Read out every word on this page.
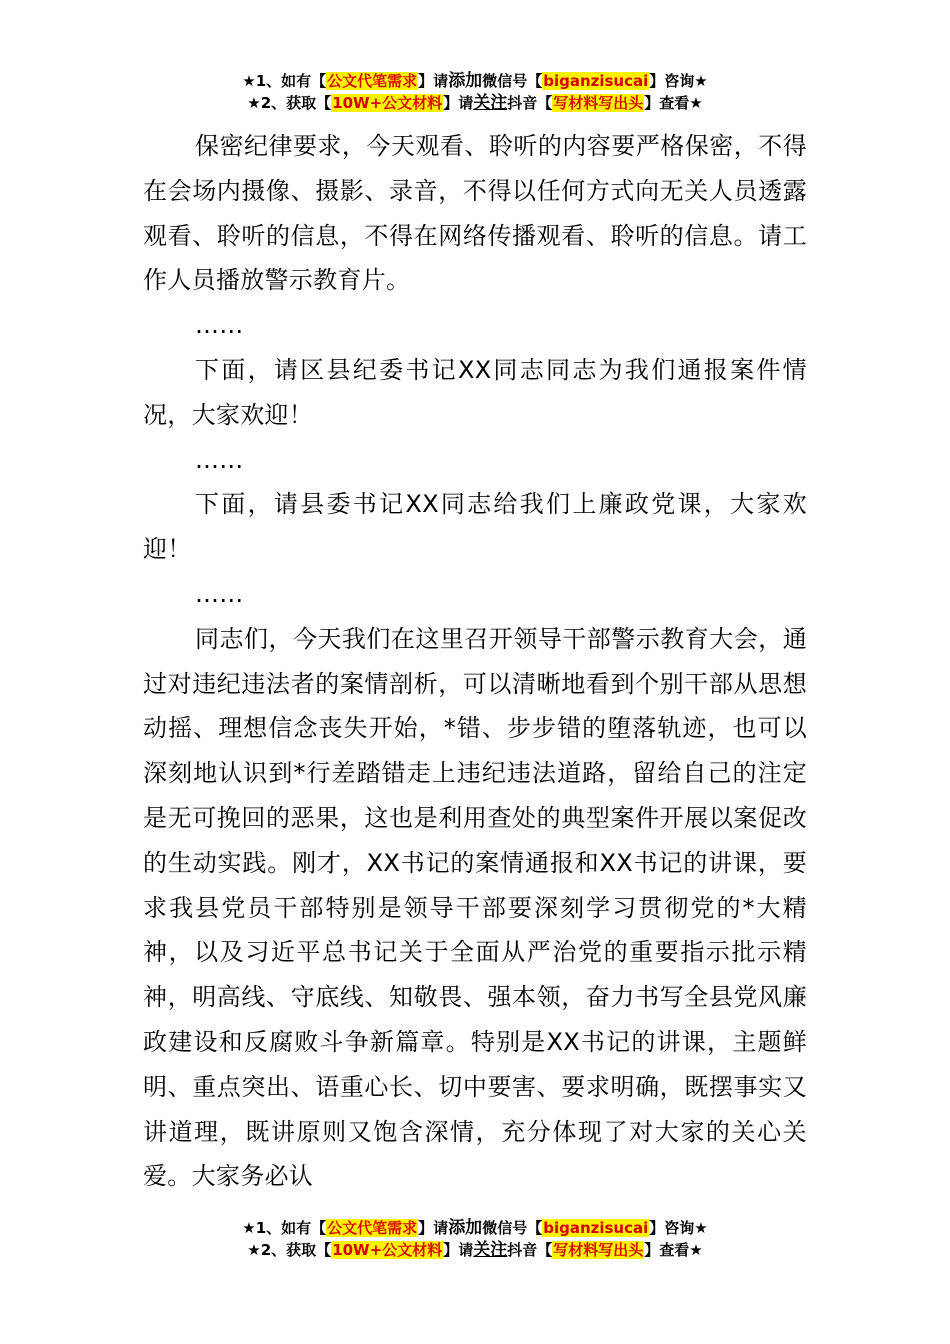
★1、如有【公文代笔需求】请添加微信号【biganzisucai】咨询★
★2、获取【10W+公文材料】请关注抖音【写材料写出头】查看★

保密纪律要求，今天观看、聆听的内容要严格保密，不得在会场内摄像、摄影、录音，不得以任何方式向无关人员透露观看、聆听的信息，不得在网络传播观看、聆听的信息。请工作人员播放警示教育片。

……

下面，请区县纪委书记XX同志同志为我们通报案件情况，大家欢迎！

……

下面，请县委书记XX同志给我们上廉政党课，大家欢迎！

……

同志们，今天我们在这里召开领导干部警示教育大会，通过对违纪违法者的案情剖析，可以清晰地看到个别干部从思想动摇、理想信念丧失开始，*错、步步错的堕落轨迹，也可以深刻地认识到*行差踏错走上违纪违法道路，留给自己的注定是无可挽回的恶果，这也是利用查处的典型案件开展以案促改的生动实践。刚才，XX书记的案情通报和XX书记的讲课，要求我县党员干部特别是领导干部要深刻学习贯彻党的*大精神，以及习近平总书记关于全面从严治党的重要指示批示精神，明高线、守底线、知敬畏、强本领，奋力书写全县党风廉政建设和反腐败斗争新篇章。特别是XX书记的讲课，主题鲜明、重点突出、语重心长、切中要害、要求明确，既摆事实又讲道理，既讲原则又饱含深情，充分体现了对大家的关心关爱。大家务必认

★1、如有【公文代笔需求】请添加微信号【biganzisucai】咨询★
★2、获取【10W+公文材料】请关注抖音【写材料写出头】查看★
